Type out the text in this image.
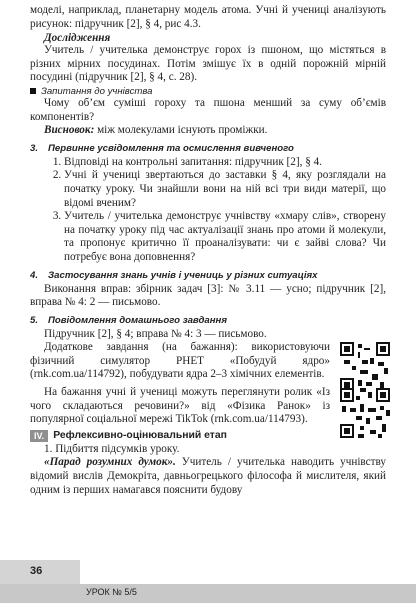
моделі, наприклад, планетарну модель атома. Учні й учениці аналізують рисунок: підручник [2], § 4, рис 4.3.

Дослідження

Учитель / учителька демонструє горох із пшоном, що містяться в різних мірних посудинах. Потім змішує їх в одній порожній мірній посудині (підручник [2], § 4, с. 28).

Запитання до учнівства

Чому об’єм суміші гороху та пшона менший за суму об’ємів компонентів?

Висновок: між молекулами існують проміжки.

3. Первинне усвідомлення та осмислення вивченого
1. Відповіді на контрольні запитання: підручник [2], § 4.
2. Учні й учениці звертаються до заставки § 4, яку розглядали на початку уроку. Чи знайшли вони на ній всі три види матерії, що відомі вченим?
3. Учитель / учителька демонструє учнівству «хмару слів», створену на початку уроку під час актуалізації знань про атоми й молекули, та пропонує критично її проаналізувати: чи є зайві слова? Чи потребує вона доповнення?
4. Застосування знань учнів і учениць у різних ситуаціях

Виконання вправ: збірник задач [3]: № 3.11 — усно; підручник [2], вправа № 4: 2 — письмово.

5. Повідомлення домашнього завдання

Підручник [2], § 4; вправа № 4: 3 — письмово.

Додаткове завдання (на бажання): використовуючи фізичний симулятор PHET «Побудуй ядро» (rnk.com.ua/114792), побудувати ядра 2–3 хімічних елементів.

На бажання учні й учениці можуть переглянути ролик «Із чого складаються речовини?» від «Фізика Ранок» із популярної соціальної мережі TikTok (rnk.com.ua/114793).

IV. Рефлексивно-оцінювальний етап

1. Підбиття підсумків уроку.

«Парад розумних думок». Учитель / учителька наводить учнівству відомий вислів Демокріта, давньогрецького філософа й мислителя, який одним із перших намагався пояснити будову

36
УРОК № 5/5
